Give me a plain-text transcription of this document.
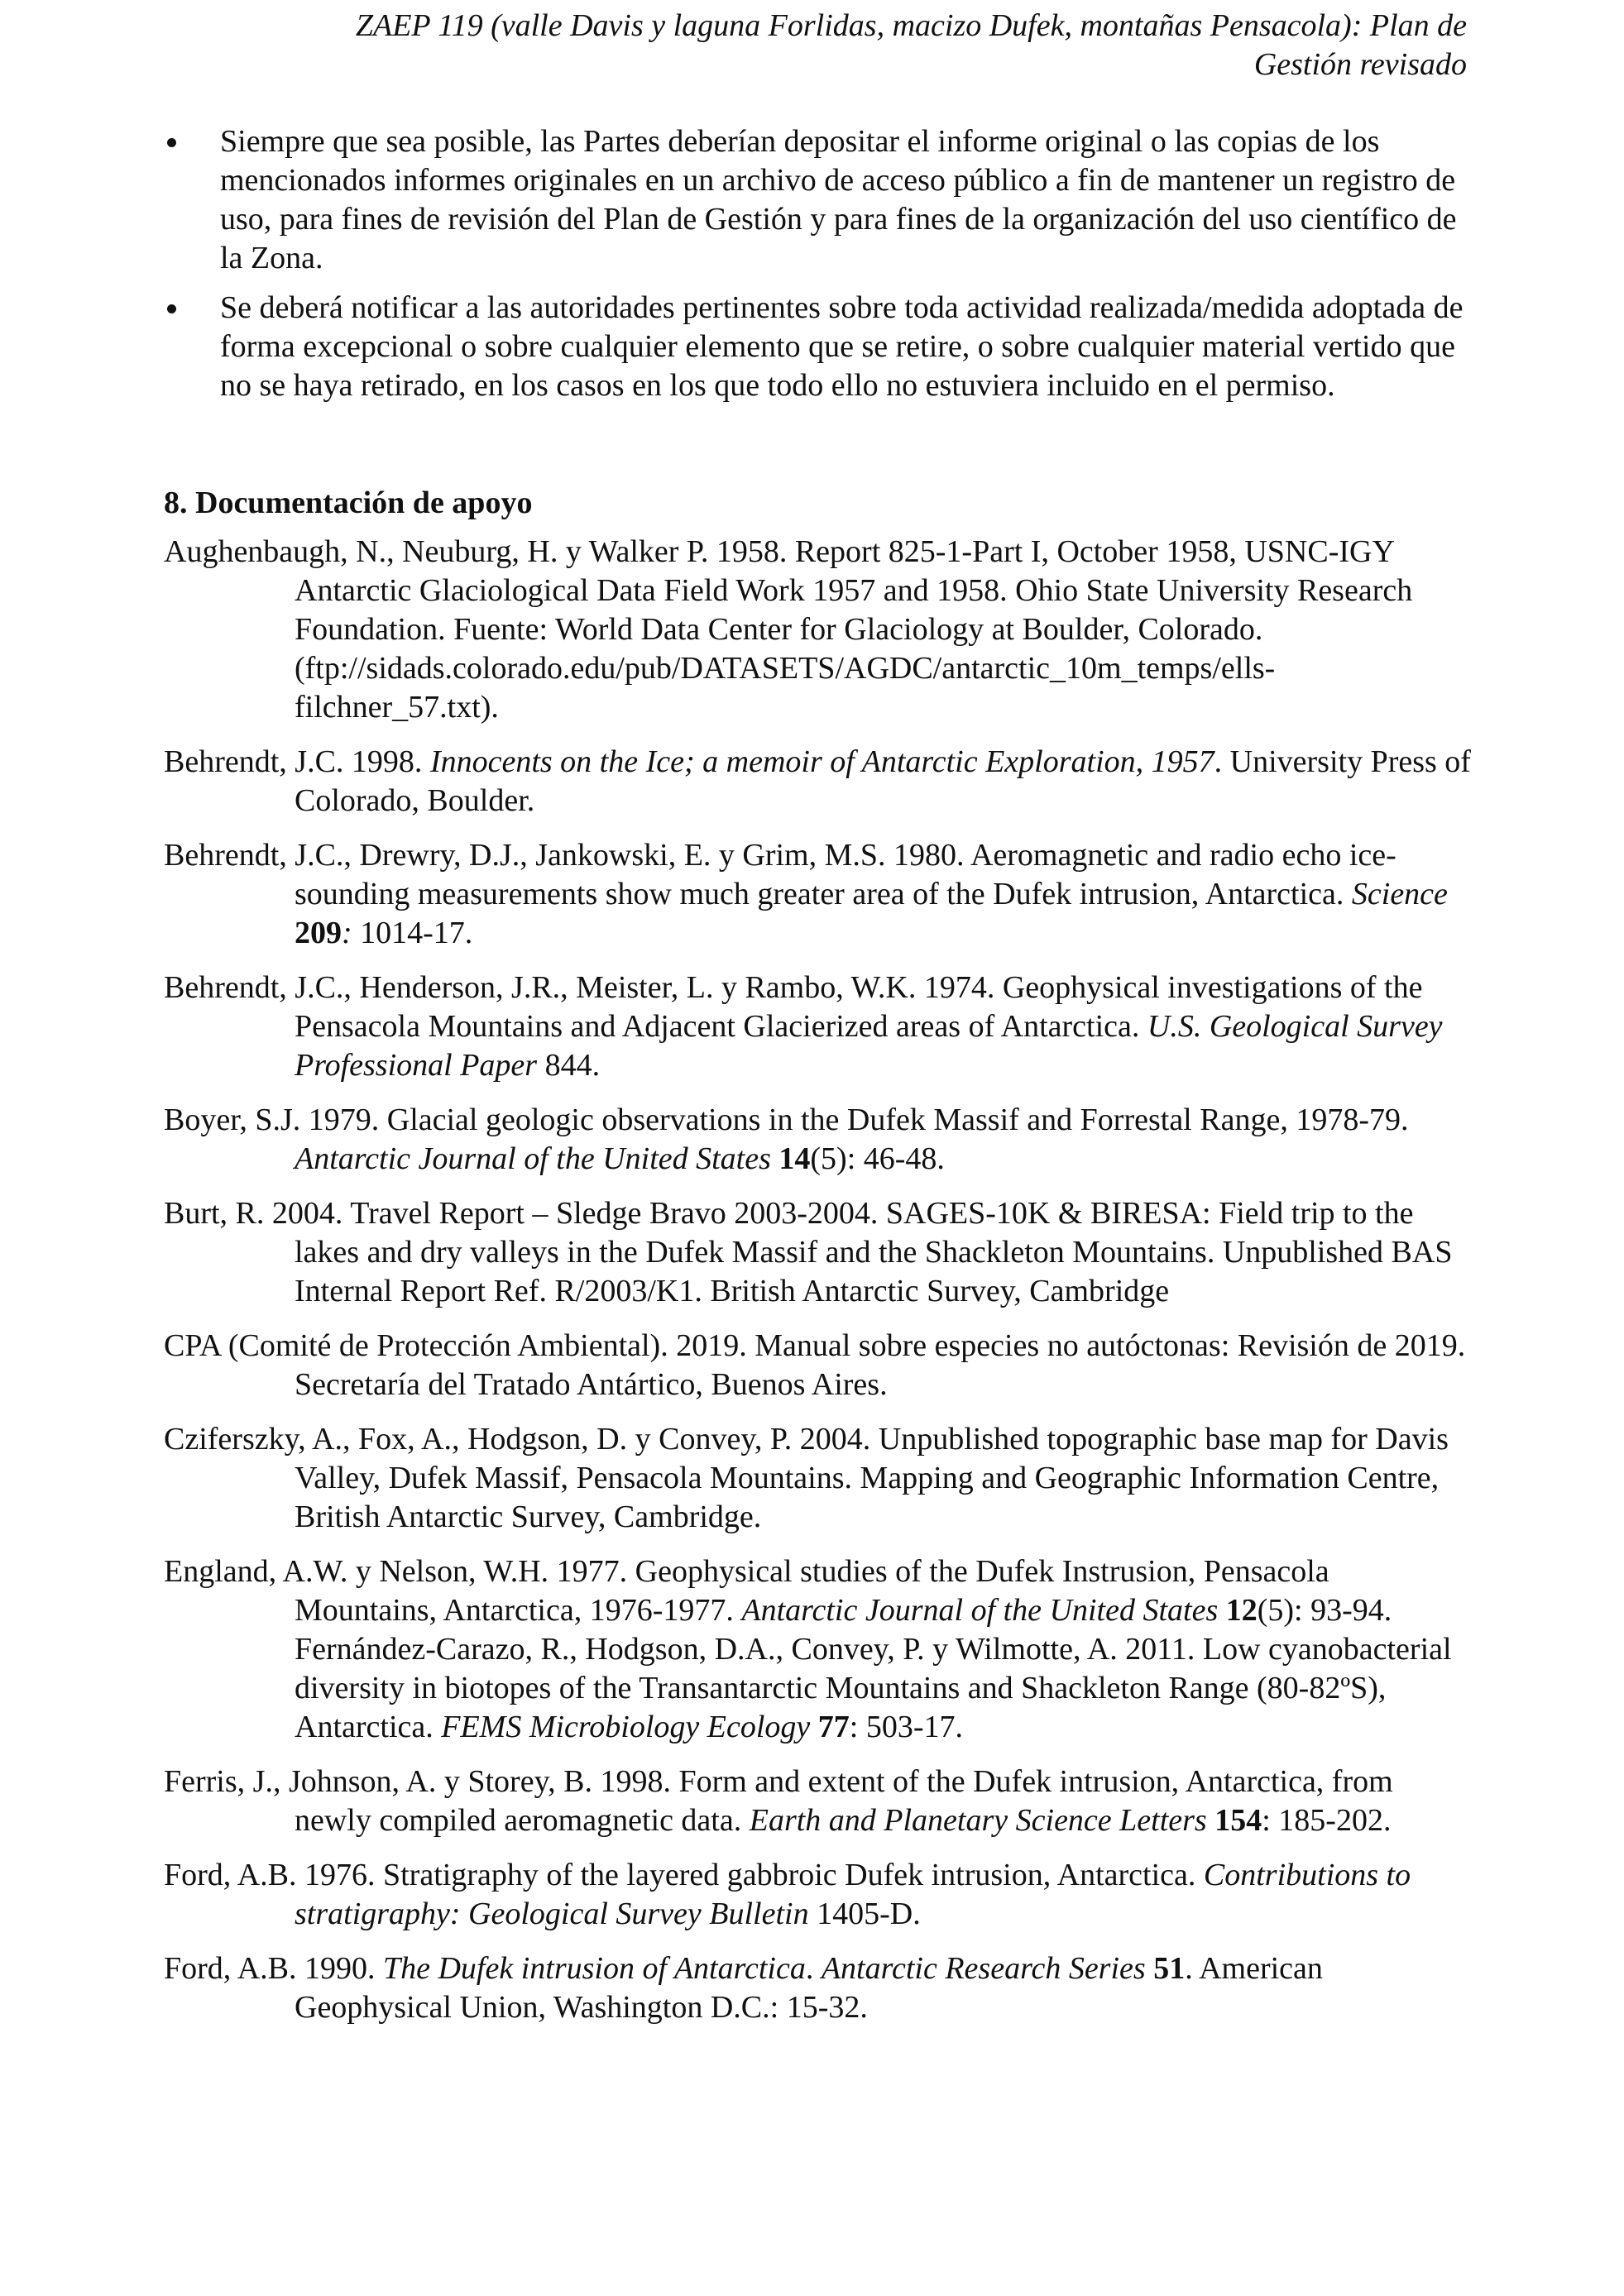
ZAEP 119 (valle Davis y laguna Forlidas, macizo Dufek, montañas Pensacola): Plan de
Gestión revisado
Siempre que sea posible, las Partes deberían depositar el informe original o las copias de los mencionados informes originales en un archivo de acceso público a fin de mantener un registro de uso, para fines de revisión del Plan de Gestión y para fines de la organización del uso científico de la Zona.
Se deberá notificar a las autoridades pertinentes sobre toda actividad realizada/medida adoptada de forma excepcional o sobre cualquier elemento que se retire, o sobre cualquier material vertido que no se haya retirado, en los casos en los que todo ello no estuviera incluido en el permiso.
8. Documentación de apoyo
Aughenbaugh, N., Neuburg, H. y Walker P. 1958. Report 825-1-Part I, October 1958, USNC-IGY Antarctic Glaciological Data Field Work 1957 and 1958. Ohio State University Research Foundation. Fuente: World Data Center for Glaciology at Boulder, Colorado. (ftp://sidads.colorado.edu/pub/DATASETS/AGDC/antarctic_10m_temps/ells-filchner_57.txt).
Behrendt, J.C. 1998. Innocents on the Ice; a memoir of Antarctic Exploration, 1957. University Press of Colorado, Boulder.
Behrendt, J.C., Drewry, D.J., Jankowski, E. y Grim, M.S. 1980. Aeromagnetic and radio echo ice-sounding measurements show much greater area of the Dufek intrusion, Antarctica. Science 209: 1014-17.
Behrendt, J.C., Henderson, J.R., Meister, L. y Rambo, W.K. 1974. Geophysical investigations of the Pensacola Mountains and Adjacent Glacierized areas of Antarctica. U.S. Geological Survey Professional Paper 844.
Boyer, S.J. 1979. Glacial geologic observations in the Dufek Massif and Forrestal Range, 1978-79. Antarctic Journal of the United States 14(5): 46-48.
Burt, R. 2004. Travel Report – Sledge Bravo 2003-2004. SAGES-10K & BIRESA: Field trip to the lakes and dry valleys in the Dufek Massif and the Shackleton Mountains. Unpublished BAS Internal Report Ref. R/2003/K1. British Antarctic Survey, Cambridge
CPA (Comité de Protección Ambiental). 2019. Manual sobre especies no autóctonas: Revisión de 2019. Secretaría del Tratado Antártico, Buenos Aires.
Cziferszky, A., Fox, A., Hodgson, D. y Convey, P. 2004. Unpublished topographic base map for Davis Valley, Dufek Massif, Pensacola Mountains. Mapping and Geographic Information Centre, British Antarctic Survey, Cambridge.
England, A.W. y Nelson, W.H. 1977. Geophysical studies of the Dufek Instrusion, Pensacola Mountains, Antarctica, 1976-1977. Antarctic Journal of the United States 12(5): 93-94. Fernández-Carazo, R., Hodgson, D.A., Convey, P. y Wilmotte, A. 2011. Low cyanobacterial diversity in biotopes of the Transantarctic Mountains and Shackleton Range (80-82ºS), Antarctica. FEMS Microbiology Ecology 77: 503-17.
Ferris, J., Johnson, A. y Storey, B. 1998. Form and extent of the Dufek intrusion, Antarctica, from newly compiled aeromagnetic data. Earth and Planetary Science Letters 154: 185-202.
Ford, A.B. 1976. Stratigraphy of the layered gabbroic Dufek intrusion, Antarctica. Contributions to stratigraphy: Geological Survey Bulletin 1405-D.
Ford, A.B. 1990. The Dufek intrusion of Antarctica. Antarctic Research Series 51. American Geophysical Union, Washington D.C.: 15-32.
